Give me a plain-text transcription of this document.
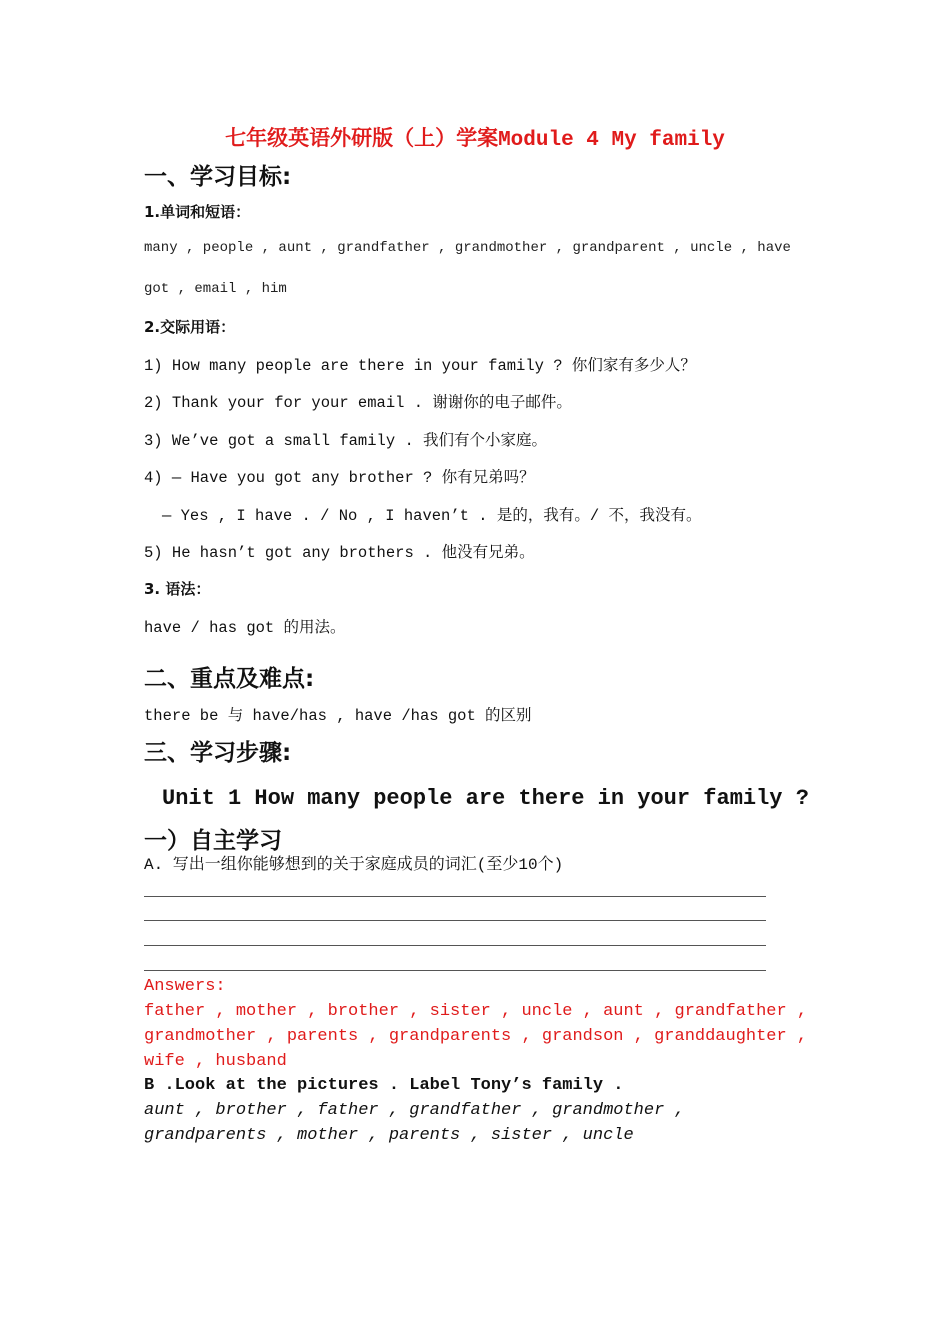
七年级英语外研版（上）学案Module 4 My family
一、学习目标:
1.单词和短语：
many , people , aunt , grandfather , grandmother , grandparent , uncle , have
got , email , him
2.交际用语：
1) How many people are there in your family ? 你们家有多少人？
2) Thank your for your email . 谢谢你的电子邮件。
3) We’ve got a small family . 我们有个小家庭。
4) — Have you got any brother ? 你有兄弟吗？
— Yes , I have . / No , I haven’t . 是的，我有。/ 不，我没有。
5) He hasn’t got any brothers . 他没有兄弟。
3. 语法：
have / has got 的用法。
二、重点及难点:
there be 与 have/has , have /has got 的区别
三、学习步骤:
Unit 1 How many people are there in your family ?
一）自主学习
A. 写出一组你能够想到的关于家庭成员的词汇(至少10个)
Answers:
father , mother , brother , sister , uncle , aunt , grandfather ,
grandmother , parents , grandparents , grandson , granddaughter ,
wife , husband
B .Look at the pictures . Label Tony’s family .
aunt , brother , father , grandfather , grandmother ,
grandparents , mother , parents , sister , uncle
